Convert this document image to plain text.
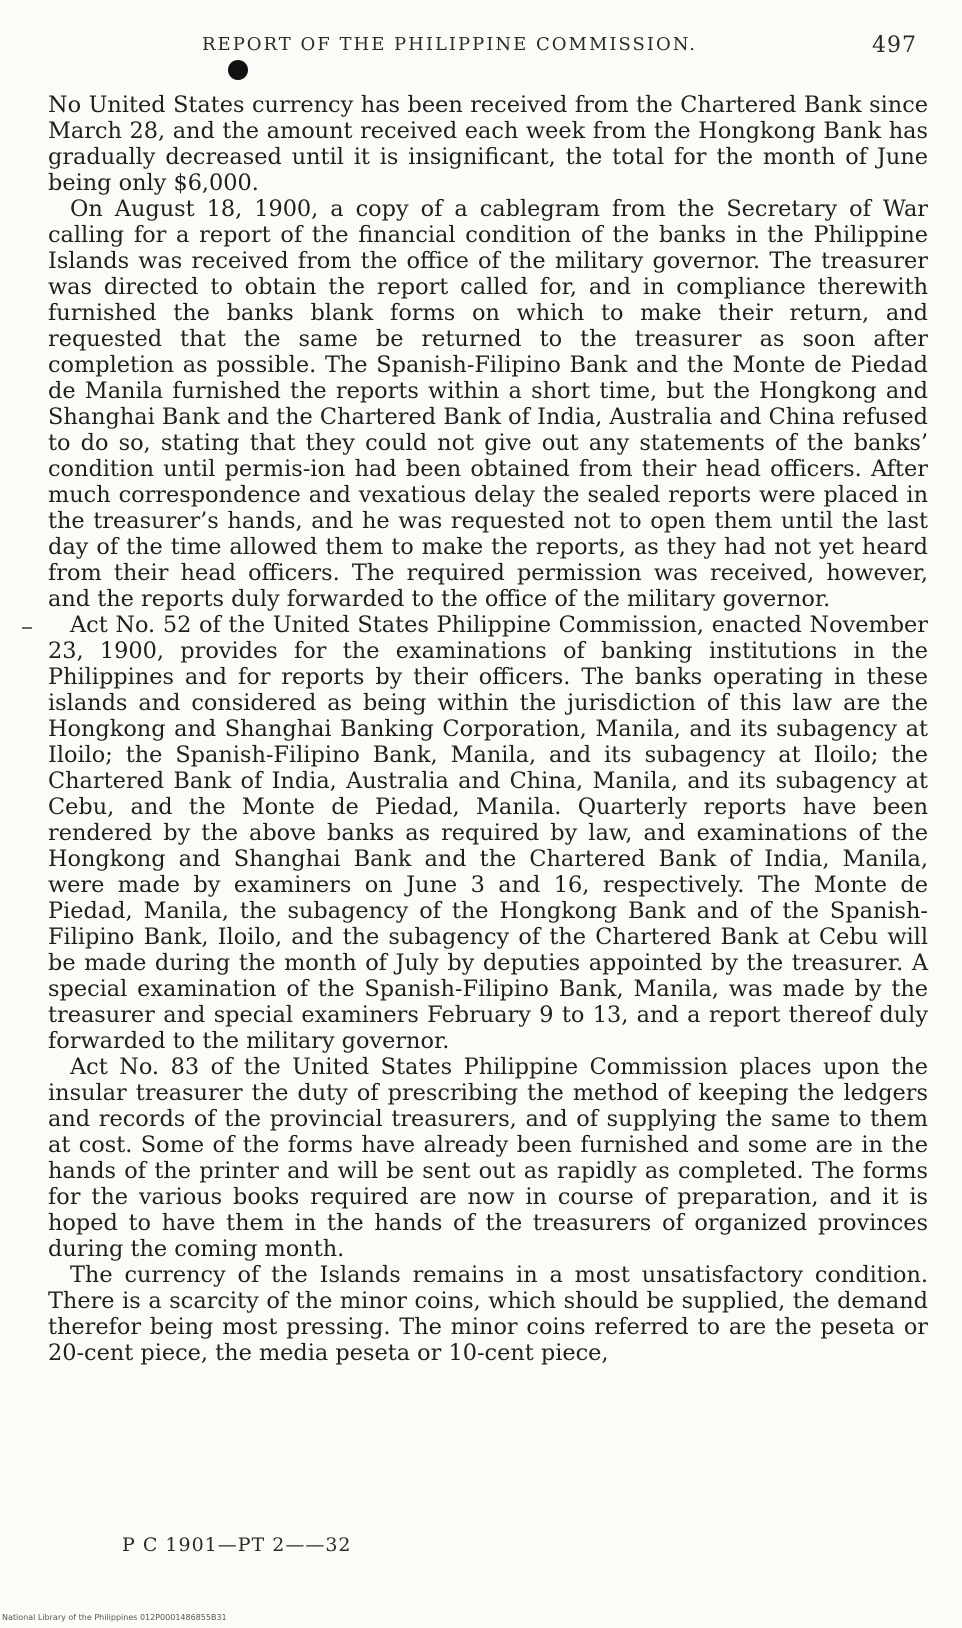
REPORT OF THE PHILIPPINE COMMISSION.	497

No United States currency has been received from the Chartered Bank since March 28, and the amount received each week from the Hongkong Bank has gradually decreased until it is insignificant, the total for the month of June being only $6,000.

On August 18, 1900, a copy of a cablegram from the Secretary of War calling for a report of the financial condition of the banks in the Philippine Islands was received from the office of the military governor. The treasurer was directed to obtain the report called for, and in compliance therewith furnished the banks blank forms on which to make their return, and requested that the same be returned to the treasurer as soon after completion as possible. The Spanish-Filipino Bank and the Monte de Piedad de Manila furnished the reports within a short time, but the Hongkong and Shanghai Bank and the Chartered Bank of India, Australia and China refused to do so, stating that they could not give out any statements of the banks’ condition until permis-ion had been obtained from their head officers. After much correspondence and vexatious delay the sealed reports were placed in the treasurer’s hands, and he was requested not to open them until the last day of the time allowed them to make the reports, as they had not yet heard from their head officers. The required permission was received, however, and the reports duly forwarded to the office of the military governor.

Act No. 52 of the United States Philippine Commission, enacted November 23, 1900, provides for the examinations of banking institutions in the Philippines and for reports by their officers. The banks operating in these islands and considered as being within the jurisdiction of this law are the Hongkong and Shanghai Banking Corporation, Manila, and its subagency at Iloilo; the Spanish-Filipino Bank, Manila, and its subagency at Iloilo; the Chartered Bank of India, Australia and China, Manila, and its subagency at Cebu, and the Monte de Piedad, Manila. Quarterly reports have been rendered by the above banks as required by law, and examinations of the Hongkong and Shanghai Bank and the Chartered Bank of India, Manila, were made by examiners on June 3 and 16, respectively. The Monte de Piedad, Manila, the subagency of the Hongkong Bank and of the Spanish-Filipino Bank, Iloilo, and the subagency of the Chartered Bank at Cebu will be made during the month of July by deputies appointed by the treasurer. A special examination of the Spanish-Filipino Bank, Manila, was made by the treasurer and special examiners February 9 to 13, and a report thereof duly forwarded to the military governor.

Act No. 83 of the United States Philippine Commission places upon the insular treasurer the duty of prescribing the method of keeping the ledgers and records of the provincial treasurers, and of supplying the same to them at cost. Some of the forms have already been furnished and some are in the hands of the printer and will be sent out as rapidly as completed. The forms for the various books required are now in course of preparation, and it is hoped to have them in the hands of the treasurers of organized provinces during the coming month.

The currency of the Islands remains in a most unsatisfactory condition. There is a scarcity of the minor coins, which should be supplied, the demand therefor being most pressing. The minor coins referred to are the peseta or 20-cent piece, the media peseta or 10-cent piece,

P C 1901—PT 2——32
National Library of the Philippines 012P0001486855B31
